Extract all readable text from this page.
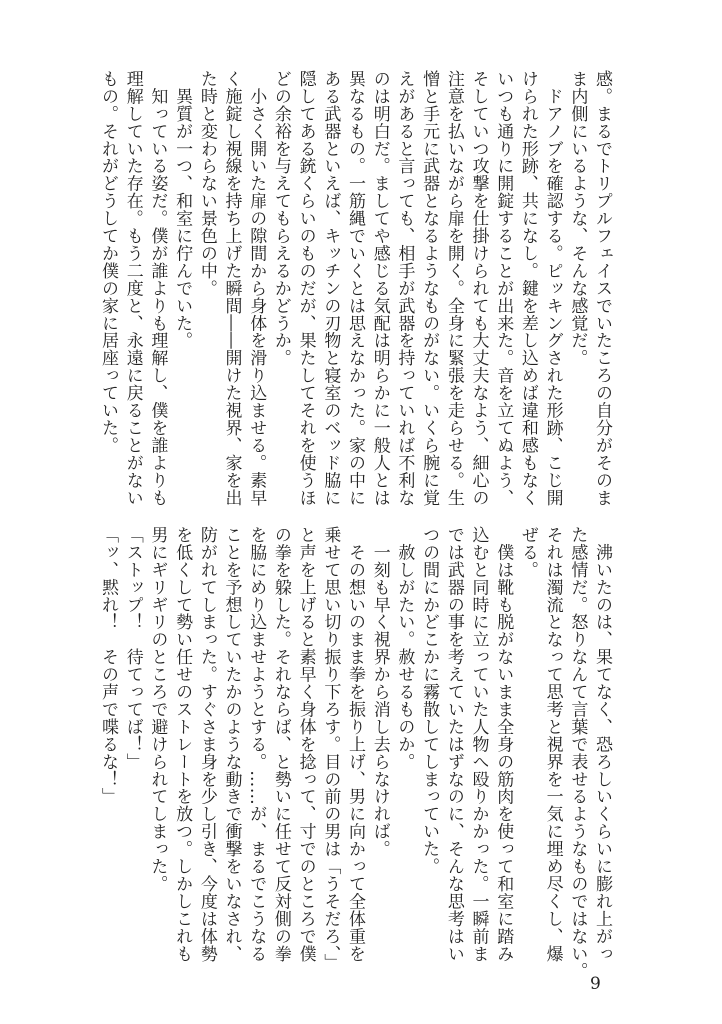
感。まるでトリプルフェイスでいたころの自分がそのま
ま内側にいるような、そんな感覚だ。
　ドアノブを確認する。ピッキングされた形跡、こじ開
けられた形跡、共になし。鍵を差し込めば違和感もなく
いつも通りに開錠することが出来た。音を立てぬよう、
そしていつ攻撃を仕掛けられても大丈夫なよう、細心の
注意を払いながら扉を開く。全身に緊張を走らせる。生
憎と手元に武器となるようなものがない。いくら腕に覚
えがあると言っても、相手が武器を持っていれば不利な
のは明白だ。ましてや感じる気配は明らかに一般人とは
異なるもの。一筋縄でいくとは思えなかった。家の中に
ある武器といえば、キッチンの刃物と寝室のベッド脇に
隠してある銃くらいのものだが、果たしてそれを使うほ
どの余裕を与えてもらえるかどうか。
　小さく開いた扉の隙間から身体を滑り込ませる。素早
く施錠し視線を持ち上げた瞬間――開けた視界、家を出
た時と変わらない景色の中。
　異質が一つ、和室に佇んでいた。
　知っている姿だ。僕が誰よりも理解し、僕を誰よりも
理解していた存在。もう二度と、永遠に戻ることがない
もの。それがどうしてか僕の家に居座っていた。
　沸いたのは、果てなく、恐ろしいくらいに膨れ上がっ
た感情だ。怒りなんて言葉で表せるようなものではない。
それは濁流となって思考と視界を一気に埋め尽くし、爆
ぜる。
　僕は靴も脱がないまま全身の筋肉を使って和室に踏み
込むと同時に立っていた人物へ殴りかかった。一瞬前ま
では武器の事を考えていたはずなのに、そんな思考はい
つの間にかどこかに霧散してしまっていた。
　赦しがたい。赦せるものか。
　一刻も早く視界から消し去らなければ。
　その想いのまま拳を振り上げ、男に向かって全体重を
乗せて思い切り振り下ろす。目の前の男は「うそだろ、」
と声を上げると素早く身体を捻って、寸でのところで僕
の拳を躱した。それならば、と勢いに任せて反対側の拳
を脇にめり込ませようとする。……が、まるでこうなる
ことを予想していたかのような動きで衝撃をいなされ、
防がれてしまった。すぐさま身を少し引き、今度は体勢
を低くして勢い任せのストレートを放つ。しかしこれも
男にギリギリのところで避けられてしまった。
「ストップ！　待てってば！」
「ッ、黙れ！　その声で喋るな！」
9
